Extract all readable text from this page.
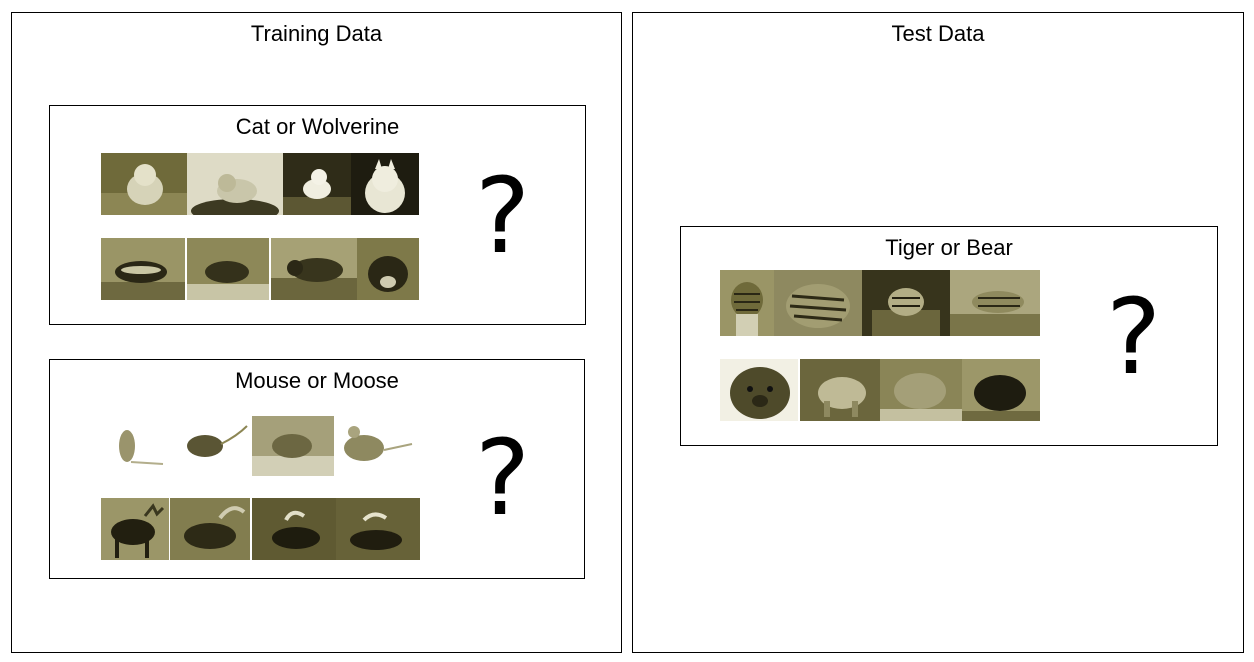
Training Data
Cat or Wolverine
?
Mouse or Moose
?
Test Data
Tiger or Bear
?
